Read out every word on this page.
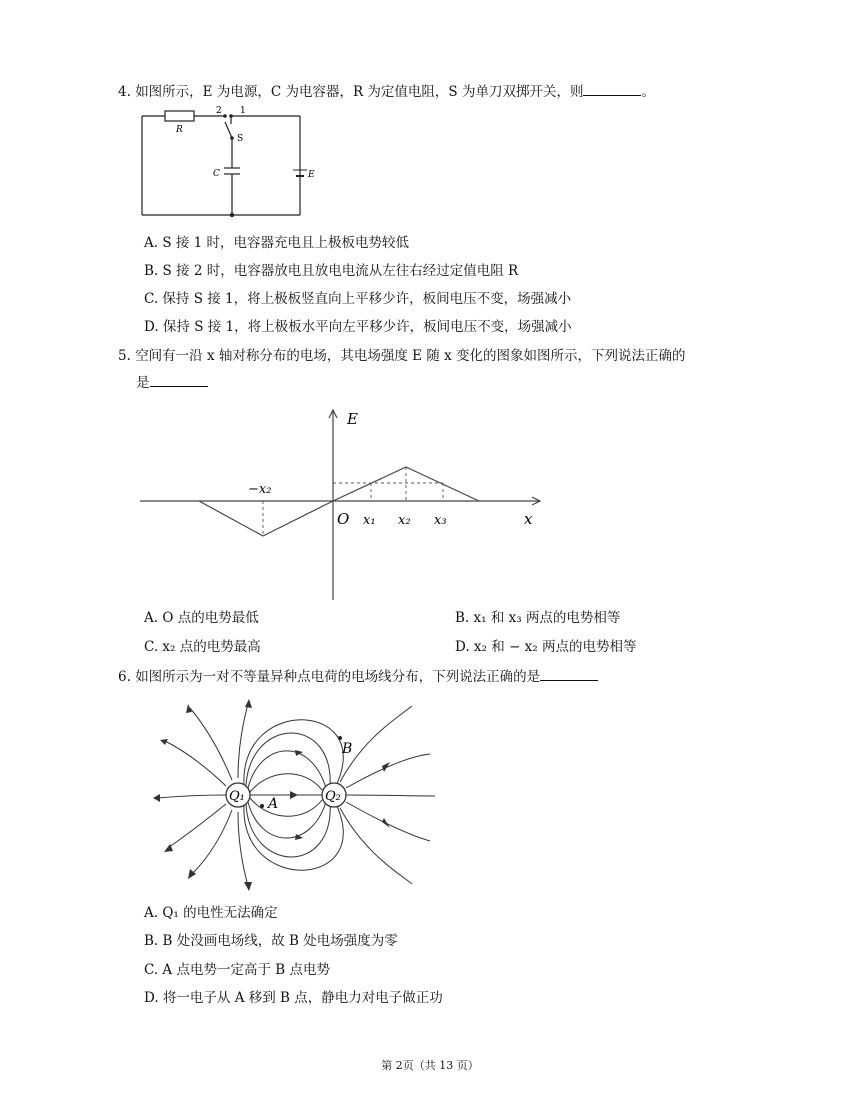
4. 如图所示，E 为电源，C 为电容器，R 为定值电阻，S 为单刀双掷开关，则	。
R
2 1
S
C	E
A. S 接 1 时，电容器充电且上极板电势较低
B. S 接 2 时，电容器放电且放电电流从左往右经过定值电阻 R
C. 保持 S 接 1，将上极板竖直向上平移少许，板间电压不变，场强减小
D. 保持 S 接 1，将上极板水平向左平移少许，板间电压不变，场强减小
5. 空间有一沿 x 轴对称分布的电场，其电场强度 E 随 x 变化的图象如图所示，下列说法正确的
是
E
x
O x₁ x₂ x₃
−x₂
A. O 点的电势最低	B. x₁ 和 x₃ 两点的电势相等
C. x₂ 点的电势最高	D. x₂ 和 − x₂ 两点的电势相等
6. 如图所示为一对不等量异种点电荷的电场线分布，下列说法正确的是
Q₁	Q₂
A
B
A. Q₁ 的电性无法确定
B. B 处没画电场线，故 B 处电场强度为零
C. A 点电势一定高于 B 点电势
D. 将一电子从 A 移到 B 点，静电力对电子做正功
第 2页（共 13 页）
